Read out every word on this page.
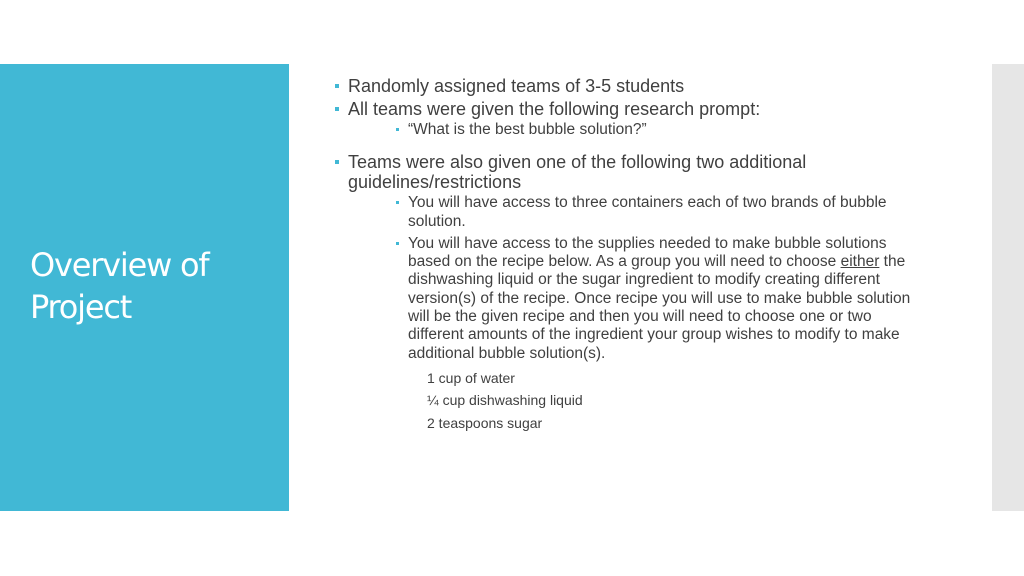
Overview of Project
Randomly assigned teams of 3-5 students
All teams were given the following research prompt:
“What is the best bubble solution?”
Teams were also given one of the following two additional guidelines/restrictions
You will have access to three containers each of two brands of bubble solution.
You will have access to the supplies needed to make bubble solutions based on the recipe below. As a group you will need to choose either the dishwashing liquid or the sugar ingredient to modify creating different version(s) of the recipe. Once recipe you will use to make bubble solution will be the given recipe and then you will need to choose one or two different amounts of the ingredient your group wishes to modify to make additional bubble solution(s).
1 cup of water
¼ cup dishwashing liquid
2 teaspoons sugar
